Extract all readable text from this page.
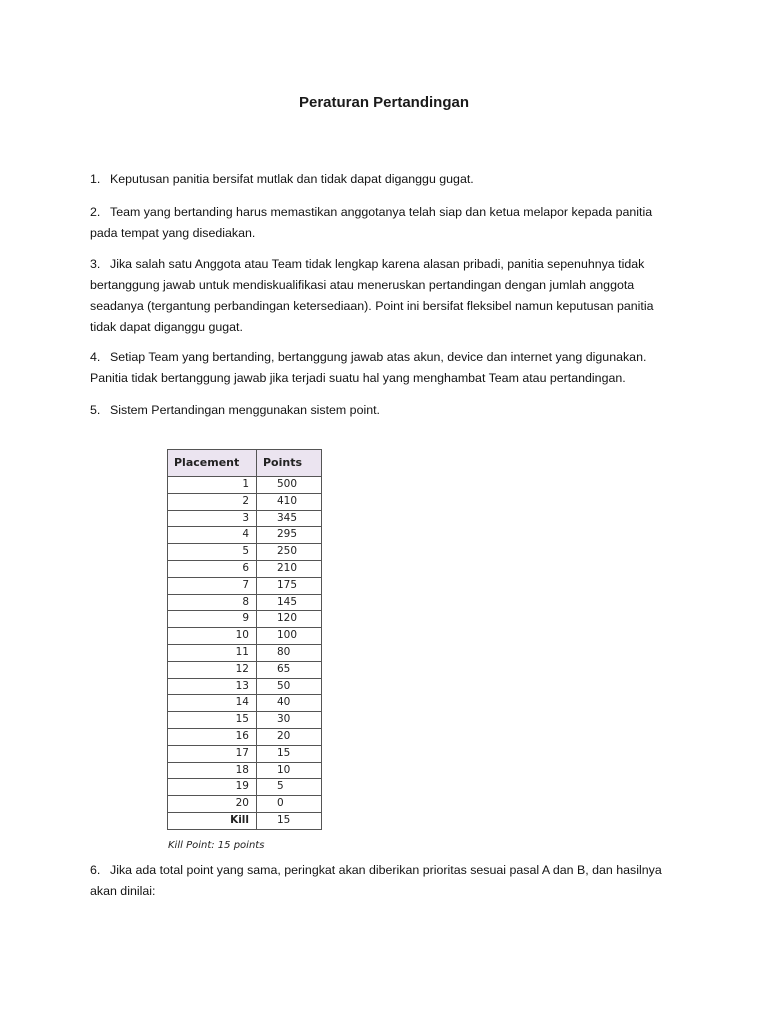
Peraturan Pertandingan
1. Keputusan panitia bersifat mutlak dan tidak dapat diganggu gugat.
2. Team yang bertanding harus memastikan anggotanya telah siap dan ketua melapor kepada panitia pada tempat yang disediakan.
3. Jika salah satu Anggota atau Team tidak lengkap karena alasan pribadi, panitia sepenuhnya tidak bertanggung jawab untuk mendiskualifikasi atau meneruskan pertandingan dengan jumlah anggota seadanya (tergantung perbandingan ketersediaan). Point ini bersifat fleksibel namun keputusan panitia tidak dapat diganggu gugat.
4. Setiap Team yang bertanding, bertanggung jawab atas akun, device dan internet yang digunakan. Panitia tidak bertanggung jawab jika terjadi suatu hal yang menghambat Team atau pertandingan.
5. Sistem Pertandingan menggunakan sistem point.
Placement	Points
1	500
2	410
3	345
4	295
5	250
6	210
7	175
8	145
9	120
10	100
11	80
12	65
13	50
14	40
15	30
16	20
17	15
18	10
19	5
20	0
Kill	15
Kill Point: 15 points
6. Jika ada total point yang sama, peringkat akan diberikan prioritas sesuai pasal A dan B, dan hasilnya akan dinilai:
